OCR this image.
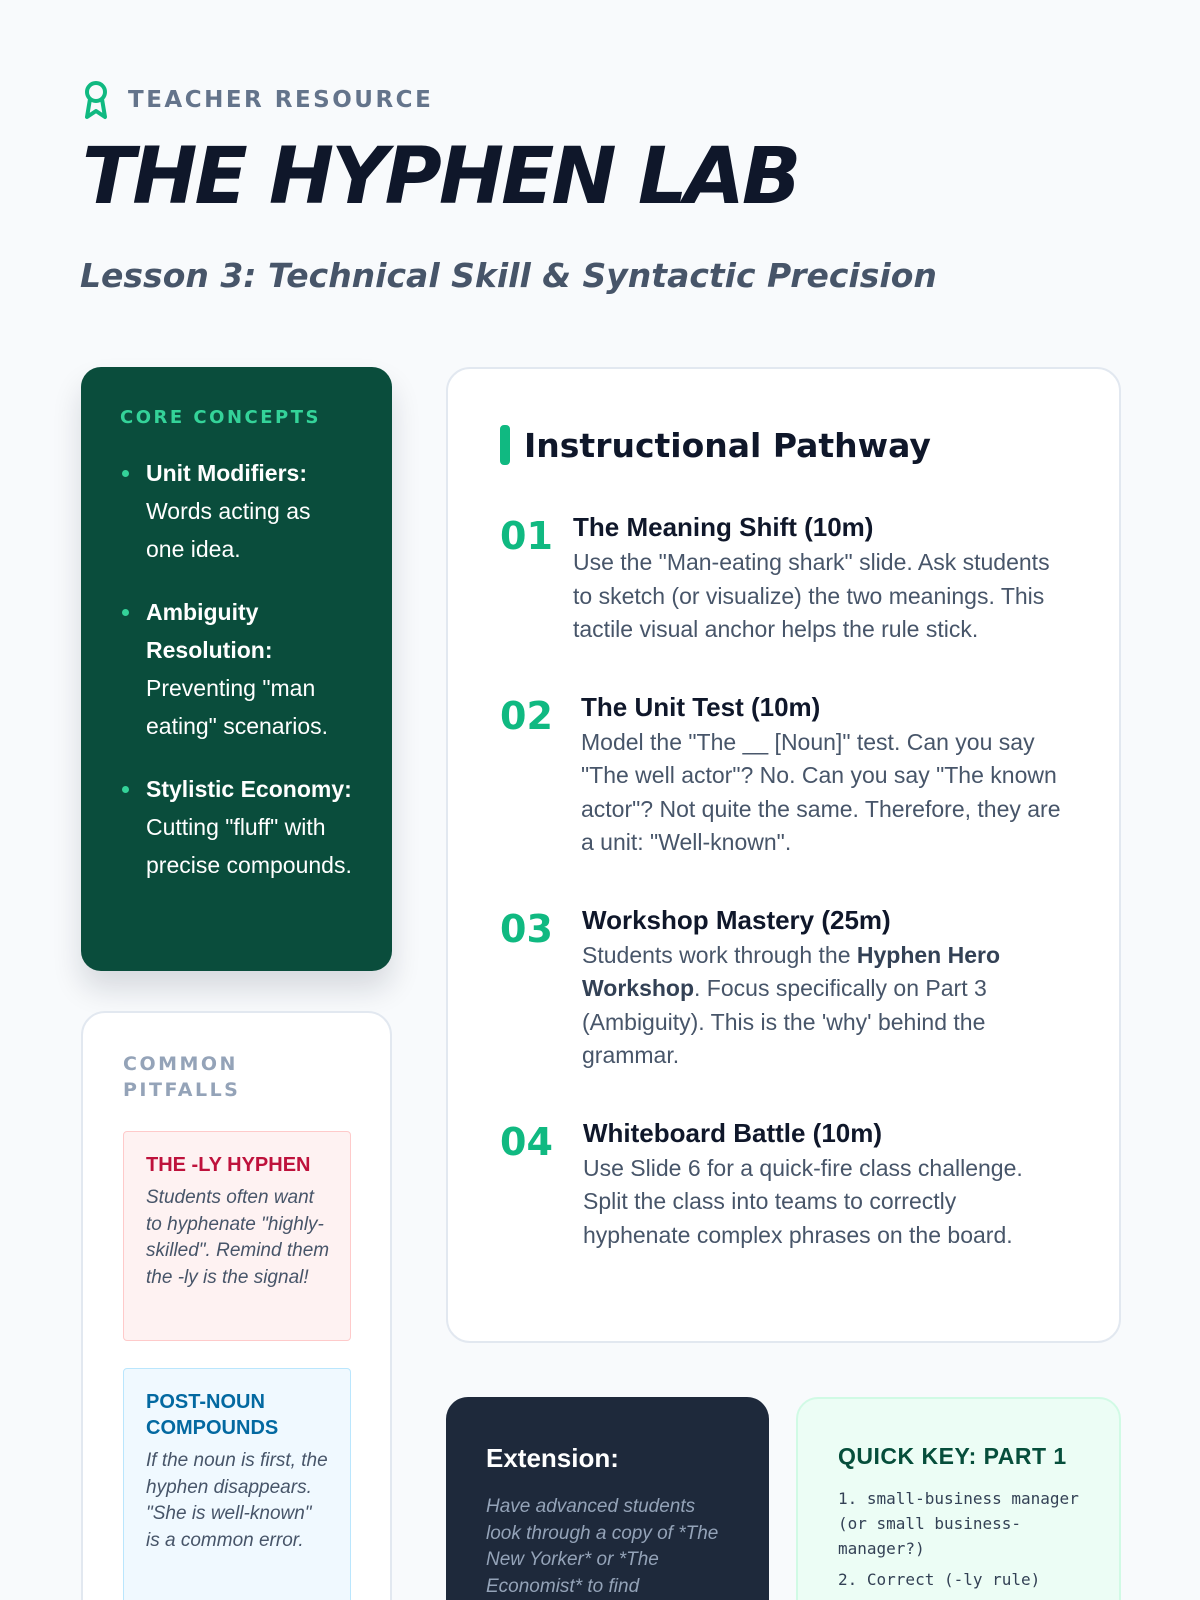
TEACHER RESOURCE
THE HYPHEN LAB
Lesson 3: Technical Skill & Syntactic Precision
CORE CONCEPTS
Unit Modifiers: Words acting as one idea.
Ambiguity Resolution: Preventing "man eating" scenarios.
Stylistic Economy: Cutting "fluff" with precise compounds.
COMMON PITFALLS
THE -LY HYPHEN
Students often want to hyphenate "highly-skilled". Remind them the -ly is the signal!
POST-NOUN COMPOUNDS
If the noun is first, the hyphen disappears. "She is well-known" is a common error.
Instructional Pathway
01 The Meaning Shift (10m)
Use the "Man-eating shark" slide. Ask students to sketch (or visualize) the two meanings. This tactile visual anchor helps the rule stick.
02	The Unit Test (10m)
Model the "The __ [Noun]" test. Can you say "The well actor"? No. Can you say "The known actor"? Not quite the same. Therefore, they are a unit: "Well-known".
03	Workshop Mastery (25m)
Students work through the Hyphen Hero Workshop. Focus specifically on Part 3 (Ambiguity). This is the 'why' behind the grammar.
04	Whiteboard Battle (10m)
Use Slide 6 for a quick-fire class challenge. Split the class into teams to correctly hyphenate complex phrases on the board.
Extension:
Have advanced students look through a copy of *The New Yorker* or *The Economist* to find
QUICK KEY: PART 1
1. small-business manager (or small business-manager?)
2. Correct (-ly rule)
